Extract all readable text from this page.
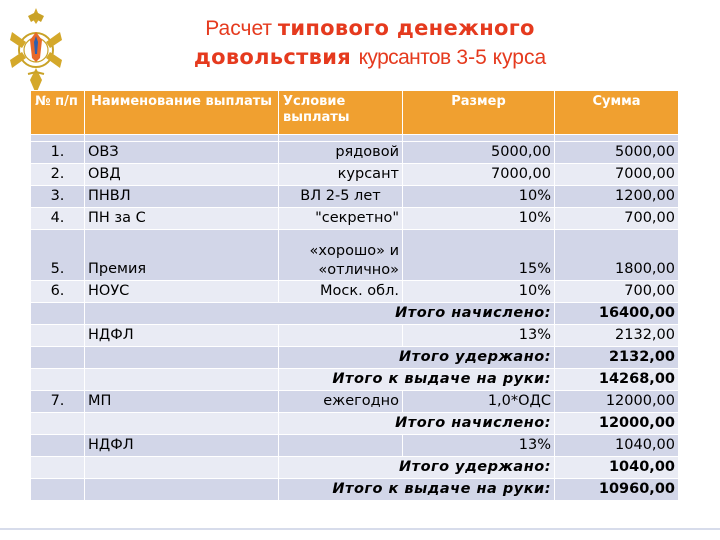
Расчет типового денежного
довольствия курсантов 3-5 курса
№ п/п	Наименование выплаты	Условие выплаты	Размер	Сумма

1.	ОВЗ	рядовой	5000,00	5000,00
2.	ОВД	курсант	7000,00	7000,00
3.	ПНВЛ	ВЛ 2-5 лет	10%	1200,00
4.	ПН за С	"секретно"	10%	700,00
5.	Премия	«хорошо» и «отлично»	15%	1800,00
6.	НОУС	Моск. обл.	10%	700,00
	Итого начислено:			16400,00
	НДФЛ		13%	2132,00
		Итого удержано:		2132,00
		Итого к выдаче на руки:		14268,00
7.	МП	ежегодно	1,0*ОДС	12000,00
		Итого начислено:		12000,00
	НДФЛ		13%	1040,00
		Итого удержано:		1040,00
		Итого к выдаче на руки:		10960,00
